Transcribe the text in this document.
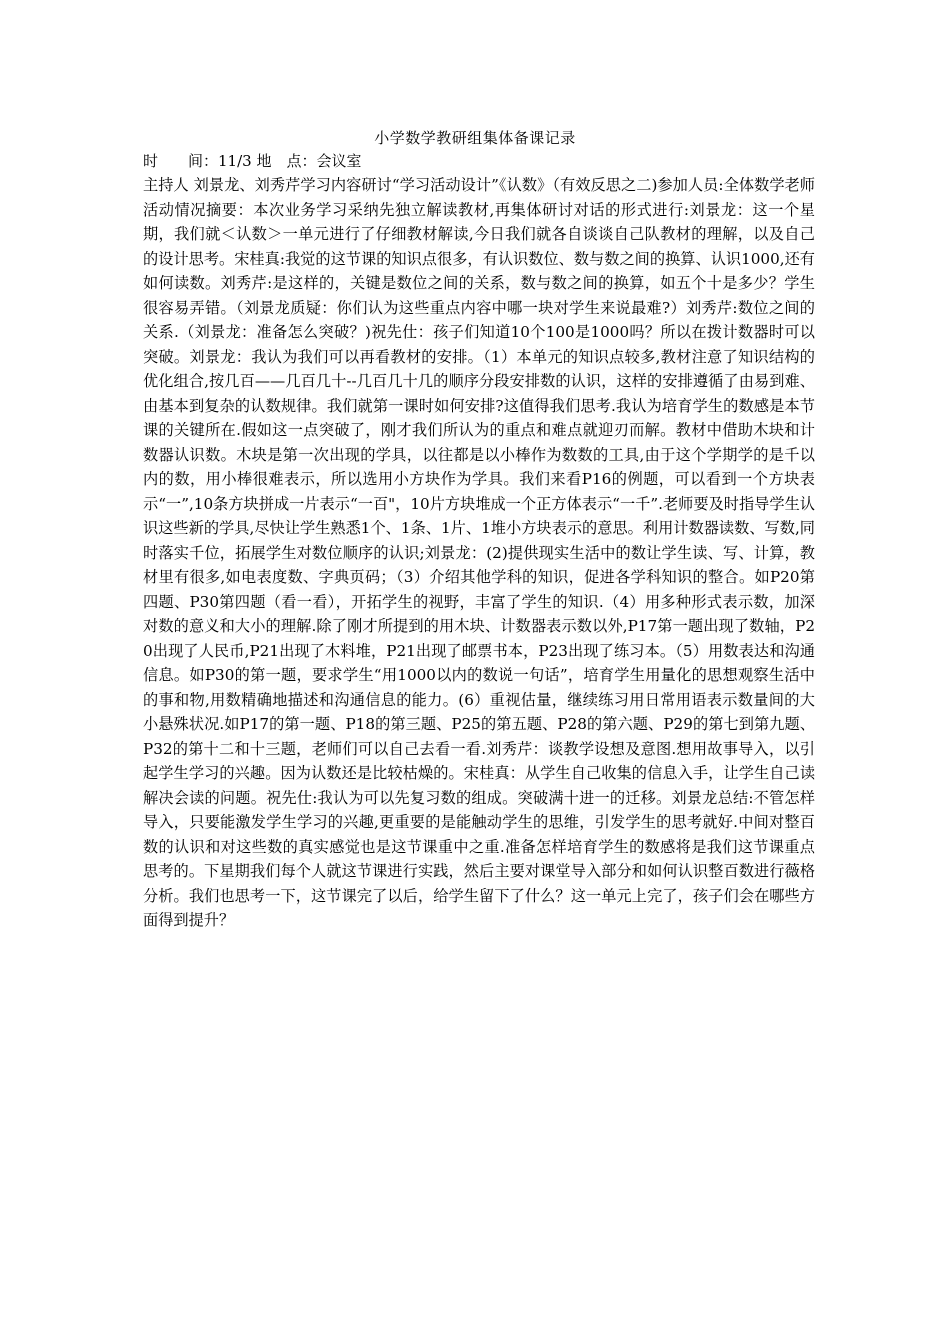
小学数学教研组集体备课记录

时　　间：11/3 地　点：会议室

主持人 刘景龙、刘秀芹学习内容研讨“学习活动设计”《认数》（有效反思之二)参加人员:全体数学老师活动情况摘要：本次业务学习采纳先独立解读教材,再集体研讨对话的形式进行:刘景龙：这一个星期，我们就＜认数＞一单元进行了仔细教材解读,今日我们就各自谈谈自己队教材的理解，以及自己的设计思考。宋桂真:我觉的这节课的知识点很多，有认识数位、数与数之间的换算、认识1000,还有如何读数。刘秀芹:是这样的，关键是数位之间的关系，数与数之间的换算，如五个十是多少？学生很容易弄错。（刘景龙质疑：你们认为这些重点内容中哪一块对学生来说最难?）刘秀芹:数位之间的关系.（刘景龙：准备怎么突破？)祝先仕：孩子们知道10个100是1000吗？所以在拨计数器时可以突破。刘景龙：我认为我们可以再看教材的安排。（1）本单元的知识点较多,教材注意了知识结构的优化组合,按几百——几百几十--几百几十几的顺序分段安排数的认识，这样的安排遵循了由易到难、由基本到复杂的认数规律。我们就第一课时如何安排?这值得我们思考.我认为培育学生的数感是本节课的关键所在.假如这一点突破了，刚才我们所认为的重点和难点就迎刃而解。教材中借助木块和计数器认识数。木块是第一次出现的学具，以往都是以小棒作为数数的工具,由于这个学期学的是千以内的数，用小棒很难表示，所以选用小方块作为学具。我们来看P16的例题，可以看到一个方块表示“一”,10条方块拼成一片表示“一百"，10片方块堆成一个正方体表示“一千”.老师要及时指导学生认识这些新的学具,尽快让学生熟悉1个、1条、1片、1堆小方块表示的意思。利用计数器读数、写数,同时落实千位，拓展学生对数位顺序的认识;刘景龙：(2)提供现实生活中的数让学生读、写、计算，教材里有很多,如电表度数、字典页码；（3）介绍其他学科的知识，促进各学科知识的整合。如P20第四题、P30第四题（看一看），开拓学生的视野，丰富了学生的知识.（4）用多种形式表示数，加深对数的意义和大小的理解.除了刚才所提到的用木块、计数器表示数以外,P17第一题出现了数轴，P20出现了人民币,P21出现了木料堆，P21出现了邮票书本，P23出现了练习本。（5）用数表达和沟通信息。如P30的第一题，要求学生“用1000以内的数说一句话”，培育学生用量化的思想观察生活中的事和物,用数精确地描述和沟通信息的能力。(6）重视估量，继续练习用日常用语表示数量间的大小悬殊状况.如P17的第一题、P18的第三题、P25的第五题、P28的第六题、P29的第七到第九题、P32的第十二和十三题，老师们可以自己去看一看.刘秀芹：谈教学设想及意图.想用故事导入，以引起学生学习的兴趣。因为认数还是比较枯燥的。宋桂真：从学生自己收集的信息入手，让学生自己读解决会读的问题。祝先仕:我认为可以先复习数的组成。突破满十进一的迁移。刘景龙总结:不管怎样导入，只要能激发学生学习的兴趣,更重要的是能触动学生的思维，引发学生的思考就好.中间对整百数的认识和对这些数的真实感觉也是这节课重中之重.准备怎样培育学生的数感将是我们这节课重点思考的。下星期我们每个人就这节课进行实践，然后主要对课堂导入部分和如何认识整百数进行薇格分析。我们也思考一下，这节课完了以后，给学生留下了什么？这一单元上完了，孩子们会在哪些方面得到提升？
